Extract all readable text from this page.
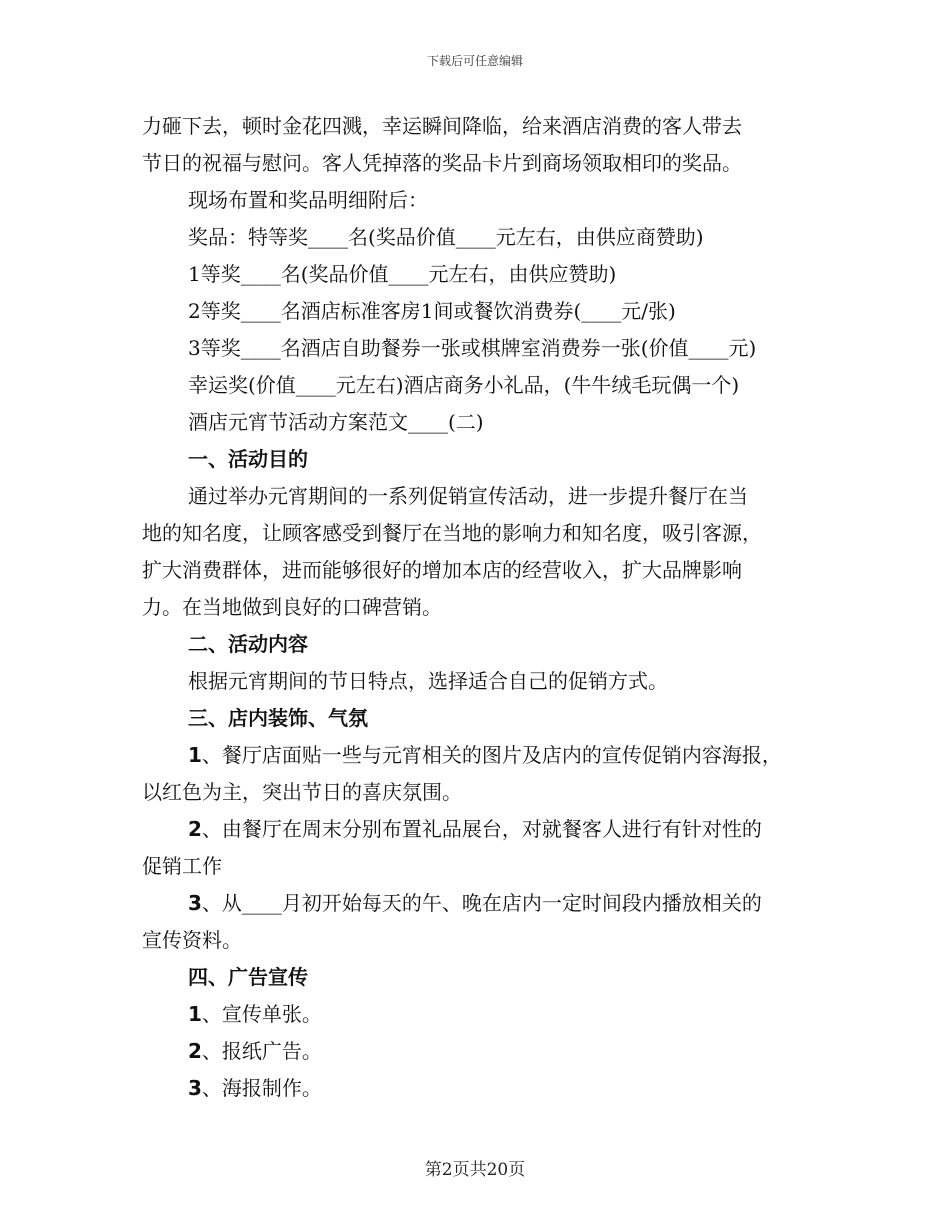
下载后可任意编辑
力砸下去，顿时金花四溅，幸运瞬间降临，给来酒店消费的客人带去
节日的祝福与慰问。客人凭掉落的奖品卡片到商场领取相印的奖品。
现场布置和奖品明细附后：
奖品：特等奖____名(奖品价值____元左右，由供应商赞助)
1等奖____名(奖品价值____元左右，由供应赞助)
2等奖____名酒店标准客房1间或餐饮消费券(____元/张)
3等奖____名酒店自助餐券一张或棋牌室消费券一张(价值____元)
幸运奖(价值____元左右)酒店商务小礼品，(牛牛绒毛玩偶一个)
酒店元宵节活动方案范文____(二)
一、活动目的
通过举办元宵期间的一系列促销宣传活动，进一步提升餐厅在当
地的知名度，让顾客感受到餐厅在当地的影响力和知名度，吸引客源，
扩大消费群体，进而能够很好的增加本店的经营收入，扩大品牌影响
力。在当地做到良好的口碑营销。
二、活动内容
根据元宵期间的节日特点，选择适合自己的促销方式。
三、店内装饰、气氛
1、餐厅店面贴一些与元宵相关的图片及店内的宣传促销内容海报，
以红色为主，突出节日的喜庆氛围。
2、由餐厅在周末分别布置礼品展台，对就餐客人进行有针对性的
促销工作
3、从____月初开始每天的午、晚在店内一定时间段内播放相关的
宣传资料。
四、广告宣传
1、宣传单张。
2、报纸广告。
3、海报制作。
第2页共20页
